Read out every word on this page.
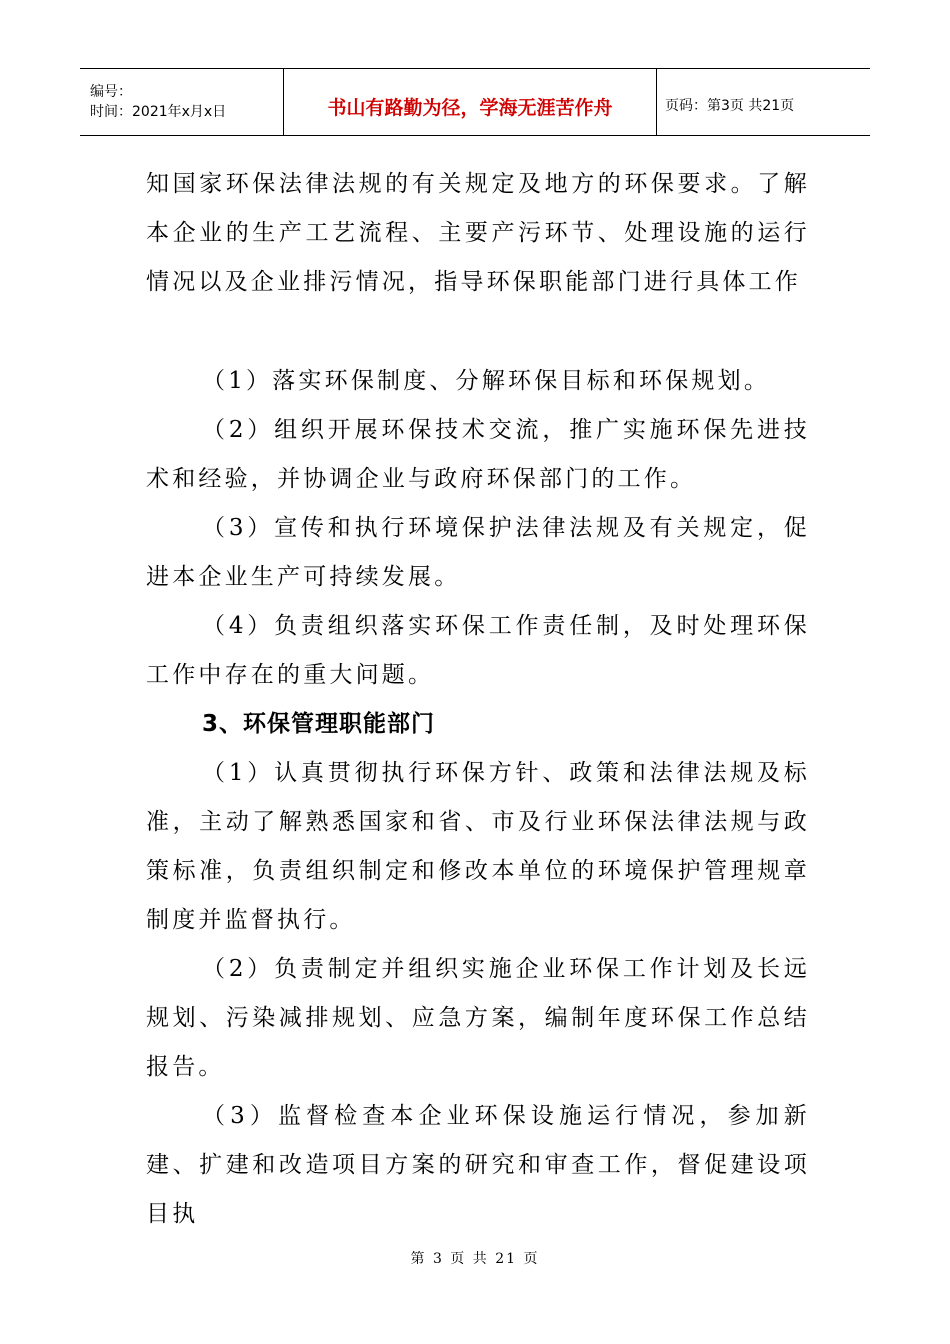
编号：
时间：2021年x月x日	书山有路勤为径，学海无涯苦作舟	页码：第3页 共21页

知国家环保法律法规的有关规定及地方的环保要求。了解本企业的生产工艺流程、主要产污环节、处理设施的运行情况以及企业排污情况，指导环保职能部门进行具体工作

（1）落实环保制度、分解环保目标和环保规划。

（2）组织开展环保技术交流，推广实施环保先进技术和经验，并协调企业与政府环保部门的工作。

（3）宣传和执行环境保护法律法规及有关规定，促进本企业生产可持续发展。

（4）负责组织落实环保工作责任制，及时处理环保工作中存在的重大问题。

3、环保管理职能部门

（1）认真贯彻执行环保方针、政策和法律法规及标准，主动了解熟悉国家和省、市及行业环保法律法规与政策标准，负责组织制定和修改本单位的环境保护管理规章制度并监督执行。

（2）负责制定并组织实施企业环保工作计划及长远规划、污染减排规划、应急方案，编制年度环保工作总结报告。

（3）监督检查本企业环保设施运行情况，参加新建、扩建和改造项目方案的研究和审查工作，督促建设项目执

第 3 页 共 21 页
